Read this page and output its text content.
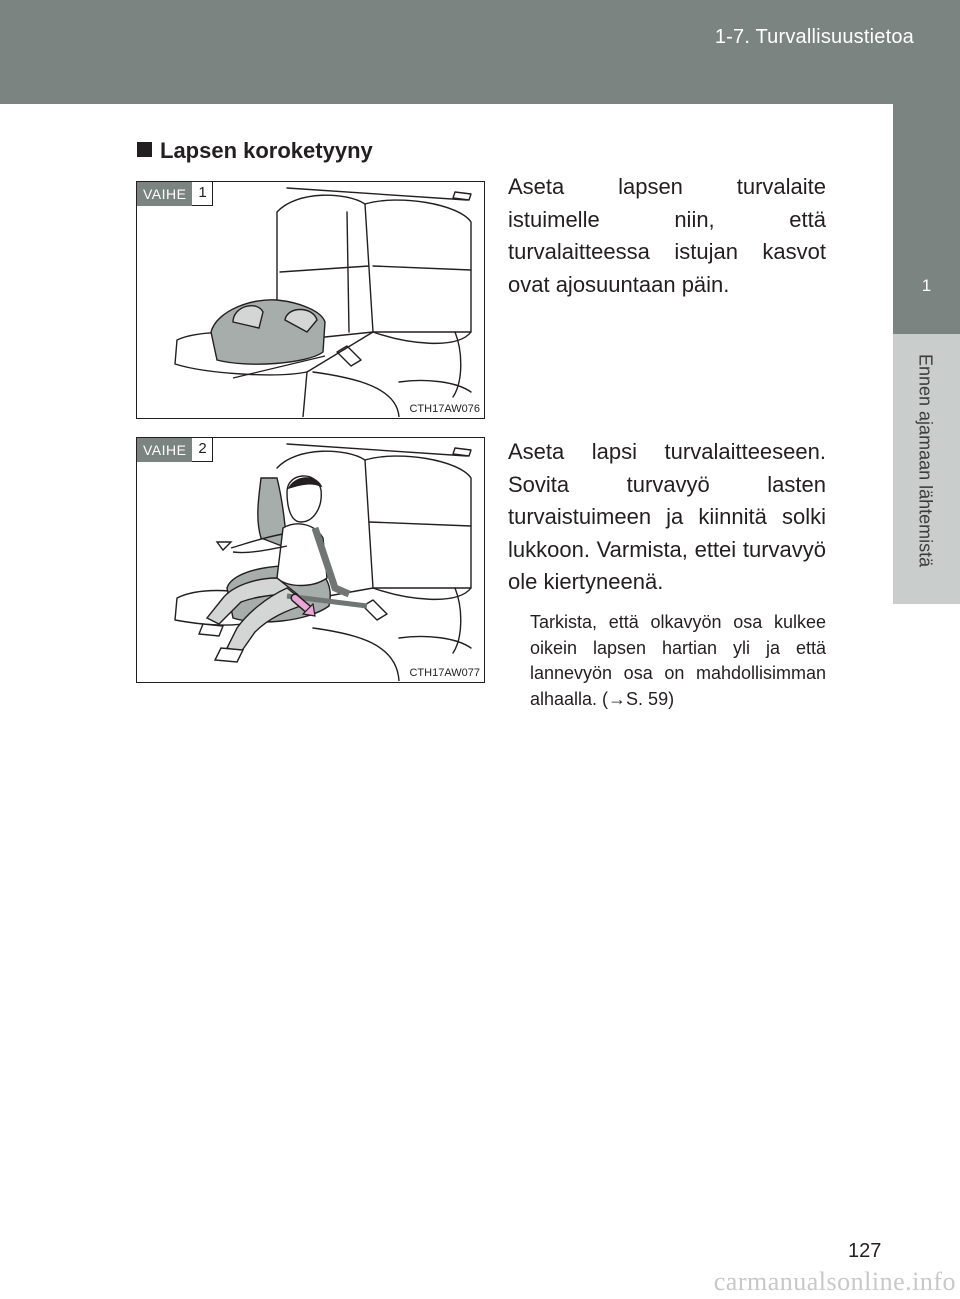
1-7. Turvallisuustietoa
1
Ennen ajamaan lähtemistä
Lapsen koroketyyny
VAIHE 1
CTH17AW076
Aseta lapsen turvalaite istuimelle niin, että turvalaitteessa istujan kasvot ovat ajosuuntaan päin.
VAIHE 2
CTH17AW077
Aseta lapsi turvalaitteeseen. Sovita turvavyö lasten turvaistuimeen ja kiinnitä solki lukkoon. Varmista, ettei turvavyö ole kiertyneenä.
Tarkista, että olkavyön osa kulkee oikein lapsen hartian yli ja että lannevyön osa on mahdollisimman alhaalla. (→S. 59)
127
carmanualsonline.info
